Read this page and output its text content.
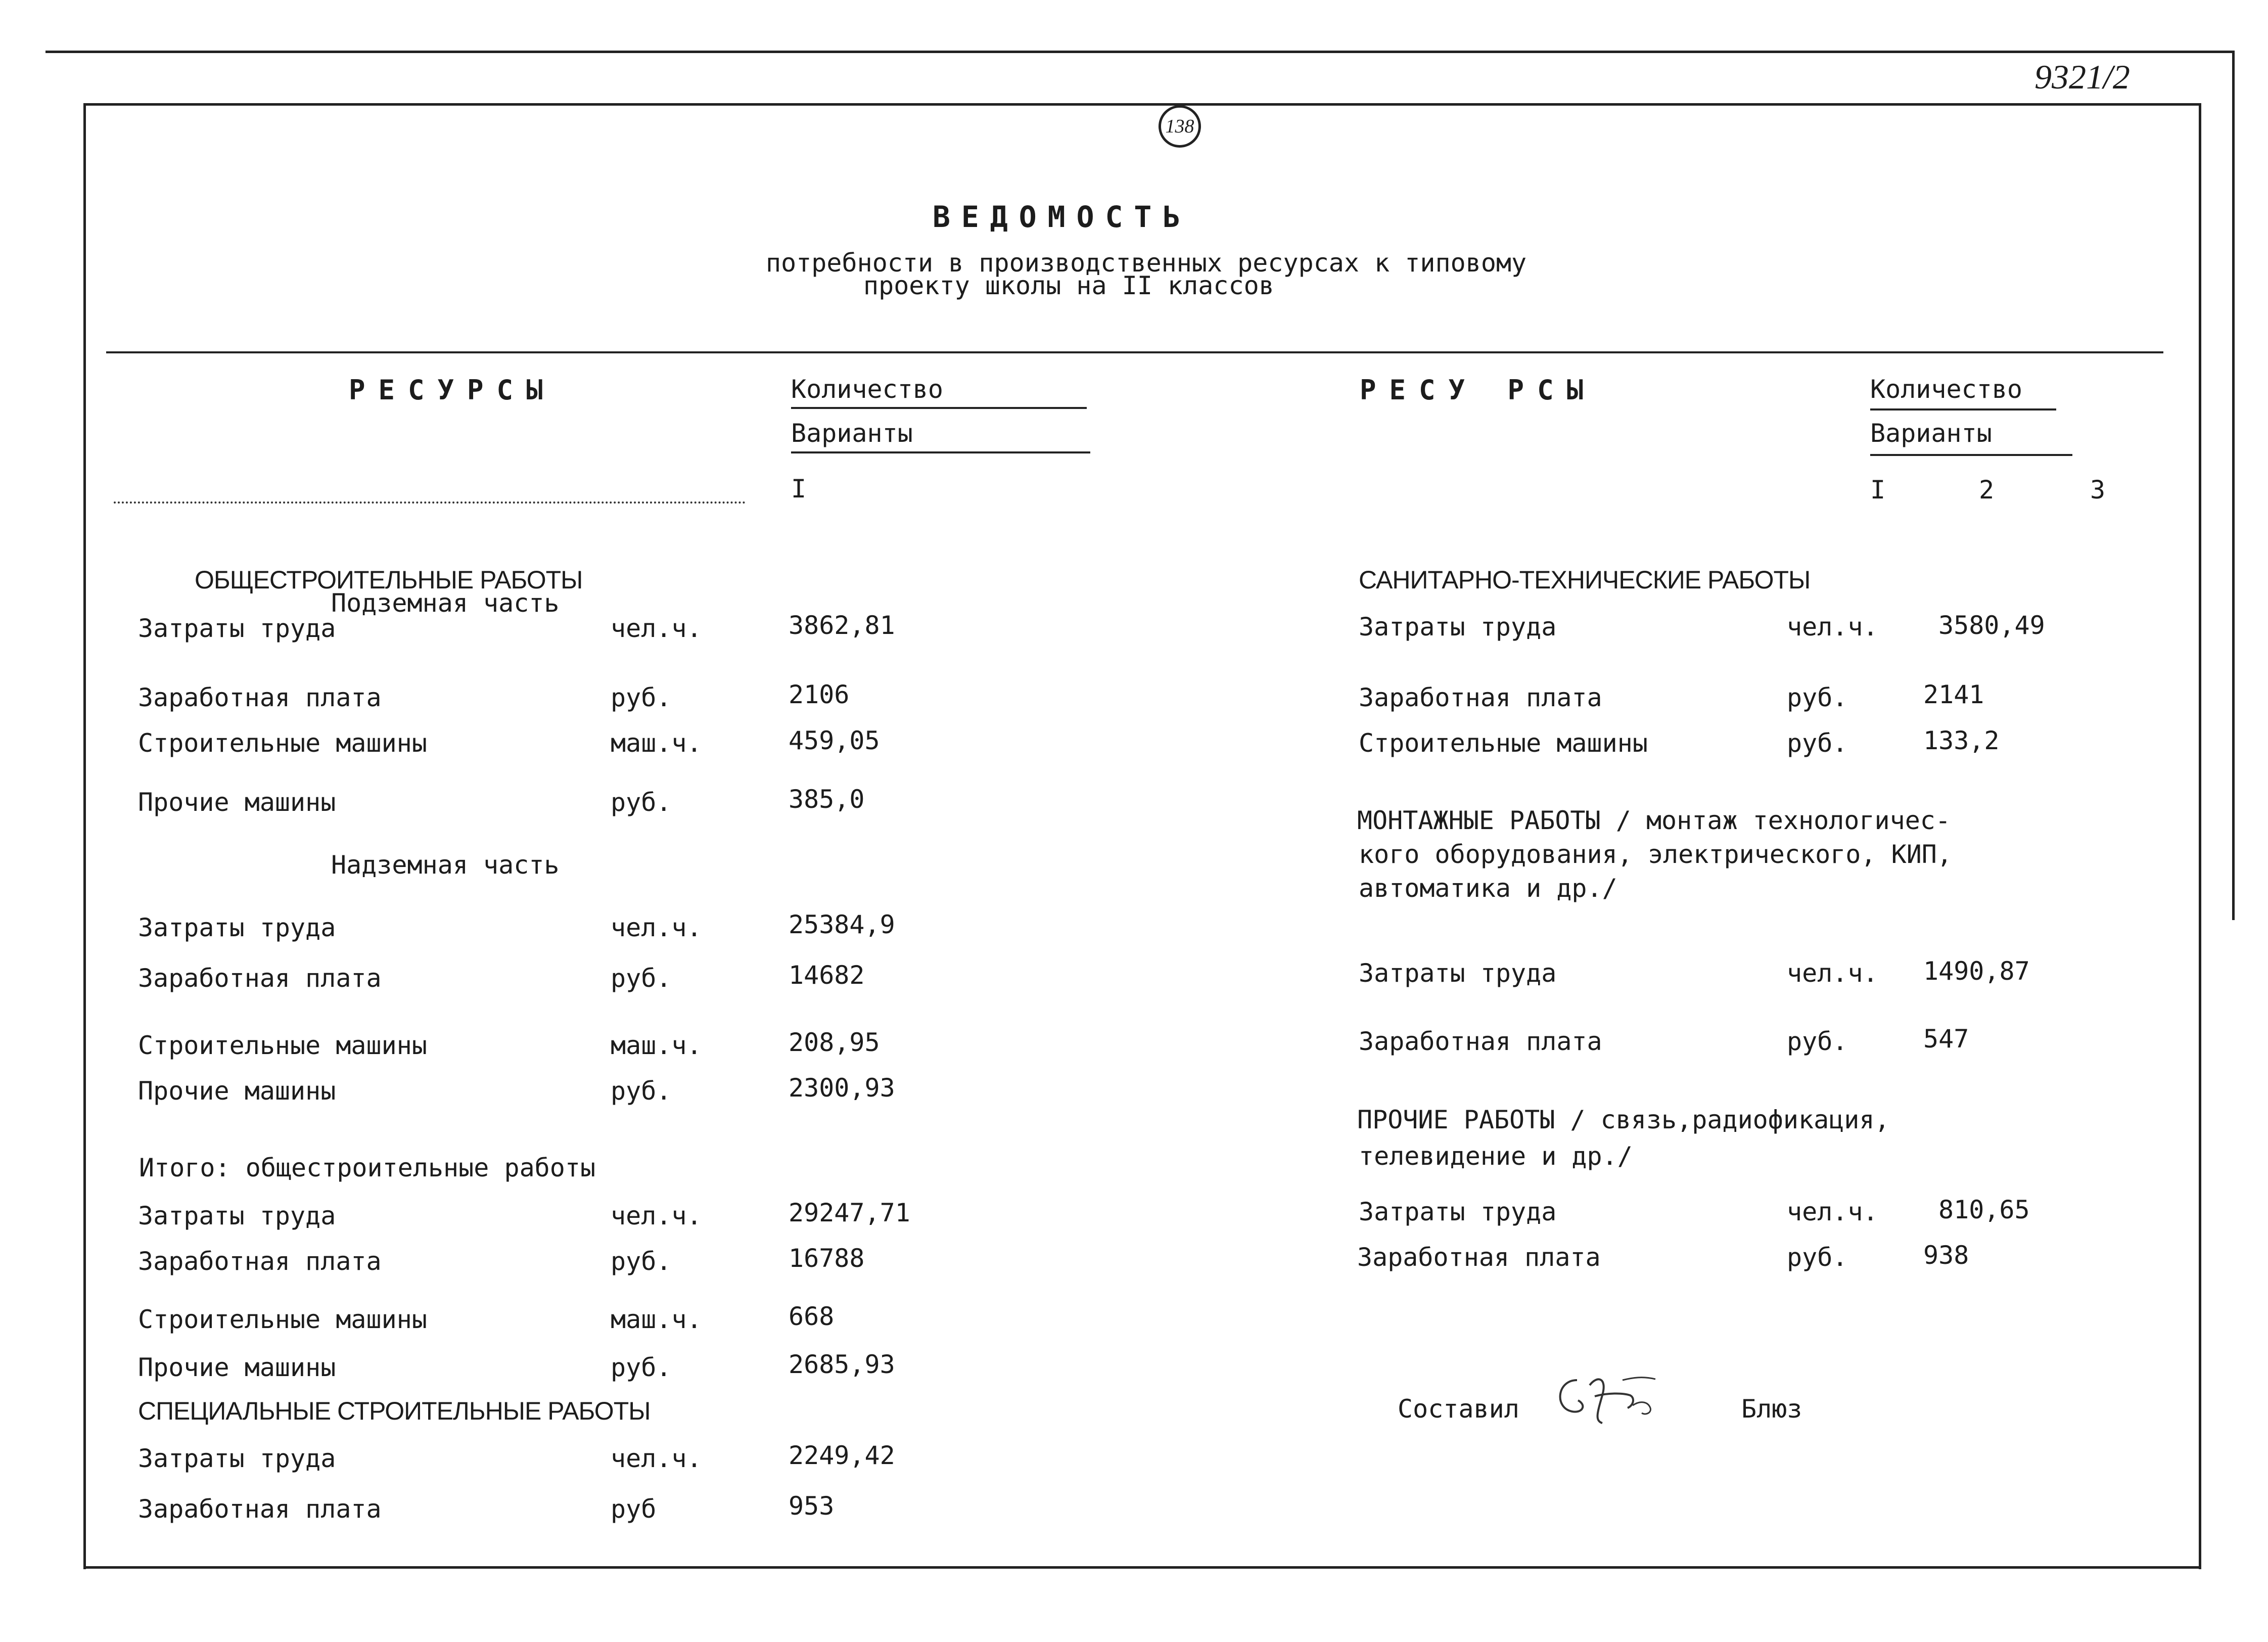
9321/2
138
ВЕДОМОСТЬ
потребности в производственных ресурсах к типовому
проекту школы на II классов
РЕСУРСЫ	Количество
Варианты
I
РЕСУ РСЫ	Количество
Варианты
I	2	3
ОБЩЕСТРОИТЕЛЬНЫЕ РАБОТЫ
Подземная часть
Надземная часть
Итого: общестроительные работы
СПЕЦИАЛЬНЫЕ СТРОИТЕЛЬНЫЕ РАБОТЫ
Затраты труда	чел.ч.	3862,81
Заработная плата	руб.	2106
Строительные машины	маш.ч.	459,05
Прочие машины	руб.	385,0
Затраты труда	чел.ч.	25384,9
Заработная плата	руб.	14682
Строительные машины	маш.ч.	208,95
Прочие машины	руб.	2300,93
Затраты труда	чел.ч.	29247,71
Заработная плата	руб.	16788
Строительные машины	маш.ч.	668
Прочие машины	руб.	2685,93
Затраты труда	чел.ч.	2249,42
Заработная плата	руб	953
САНИТАРНО-ТЕХНИЧЕСКИЕ РАБОТЫ
МОНТАЖНЫЕ РАБОТЫ / монтаж технологичес-
кого оборудования, электрического, КИП,
автоматика и др./
ПРОЧИЕ РАБОТЫ / связь,радиофикация,
телевидение и др./
Затраты труда	чел.ч. 3580,49
Заработная плата	руб.	2141
Строительные машины	руб.	133,2
Затраты труда	чел.ч. 1490,87
Заработная плата	руб.	547
Затраты труда	чел.ч. 810,65
Заработная плата	руб.	938
Составил	Блюз
